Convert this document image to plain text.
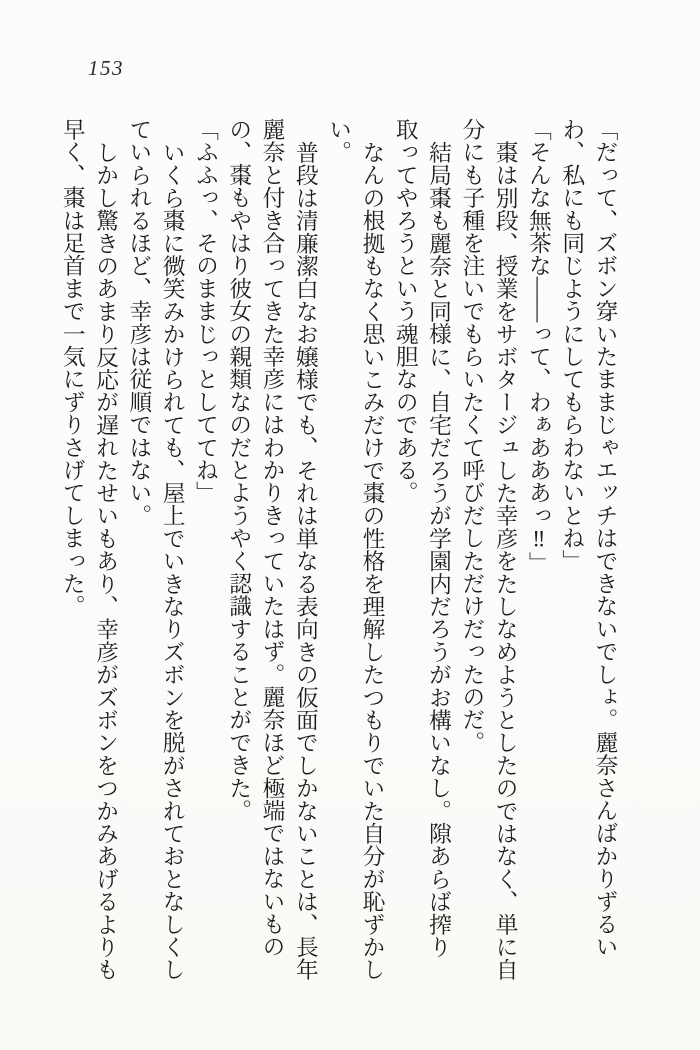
153

「だって、ズボン穿いたままじゃエッチはできないでしょ。麗奈さんばかりずるいわ、私にも同じようにしてもらわないとね」

「そんな無茶な――って、わぁあああっ‼」

棗は別段、授業をサボタージュした幸彦をたしなめようとしたのではなく、単に自分にも子種を注いでもらいたくて呼びだしただけだったのだ。

結局棗も麗奈と同様に、自宅だろうが学園内だろうがお構いなし。隙あらば搾り取ってやろうという魂胆なのである。

なんの根拠もなく思いこみだけで棗の性格を理解したつもりでいた自分が恥ずかしい。

普段は清廉潔白なお嬢様でも、それは単なる表向きの仮面でしかないことは、長年麗奈と付き合ってきた幸彦にはわかりきっていたはず。麗奈ほど極端ではないものの、棗もやはり彼女の親類なのだとようやく認識することができた。

「ふふっ、そのままじっとしててね」

いくら棗に微笑みかけられても、屋上でいきなりズボンを脱がされておとなしくしていられるほど、幸彦は従順ではない。

しかし驚きのあまり反応が遅れたせいもあり、幸彦がズボンをつかみあげるよりも早く、棗は足首まで一気にずりさげてしまった。
